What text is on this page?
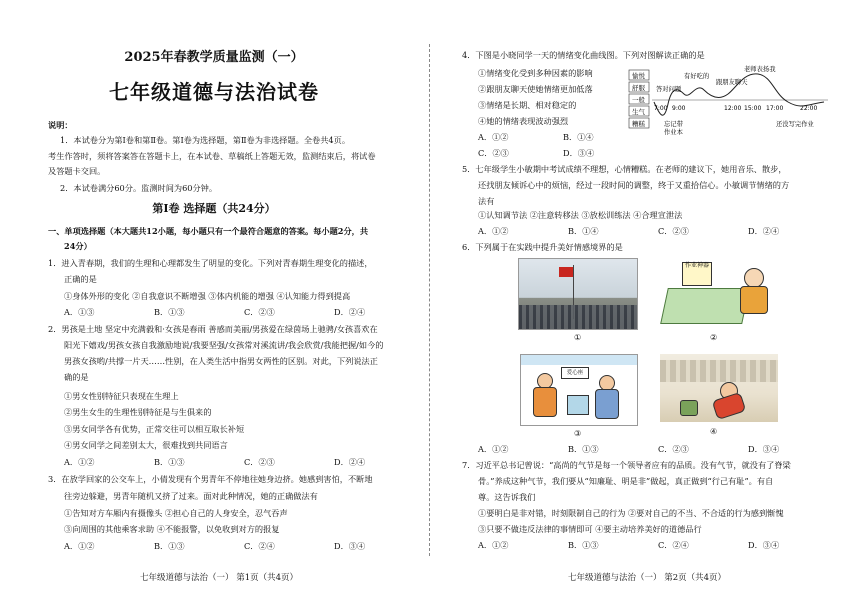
2025年春教学质量监测（一）
七年级道德与法治试卷
说明：
1．本试卷分为第Ⅰ卷和第Ⅱ卷。第Ⅰ卷为选择题，第Ⅱ卷为非选择题。全卷共4页。
考生作答时，须将答案答在答题卡上，在本试卷、草稿纸上答题无效，监测结束后，将试卷
及答题卡交回。
2．本试卷满分60分。监测时间为60分钟。
第Ⅰ卷 选择题（共24分）
一、单项选择题（本大题共12小题，每小题只有一个最符合题意的答案。每小题2分，共
24分）
1．进入青春期，我们的生理和心理都发生了明显的变化。下列对青春期生理变化的描述，
正确的是
①身体外形的变化 ②自我意识不断增强 ③体内机能的增强 ④认知能力得到提高
A．①③	B．①③	C．②③	D．②④
2．男孩是土地 坚定中充满毅和·女孩是春雨 善感而美丽/男孩爱在绿茵场上驰骋/女孩喜欢在
阳光下嬉戏/男孩女孩自我激励地说/我要坚强/女孩常对溪流讲/我会欣赏/我能把握/如今的
男孩女孩哟/共撑一片天……性别，在人类生活中指男女两性的区别。对此，下列说法正
确的是
①男女性别特征只表现在生理上
②男生女生的生理性别特征是与生俱来的
③男女同学各有优势，正常交往可以相互取长补短
④男女同学之间差别太大，很难找到共同语言
A．①②	B．①③	C．②③	D．②④
3．在放学回家的公交车上，小倩发现有个男青年不停地往她身边挤。她感到害怕，不断地
往旁边躲避，男青年随机又挤了过来。面对此种情况，她的正确做法有
①告知对方车厢内有摄像头 ②担心自己的人身安全，忍气吞声
③向周围的其他乘客求助 ④不能报警，以免收到对方的报复
A．①②	B．①③	C．②④	D．③④
七年级道德与法治（一） 第1页（共4页）
4．下图是小晓同学一天的情绪变化曲线图。下列对图解读正确的是
①情绪变化受到多种因素的影响
②跟朋友聊天使她情绪更加低落
③情绪是长期、相对稳定的
④她的情绪表现波动强烈
A．①②	B．①④
C．②③	D．③④
愉悦
舒服
一般
生气
糟糕
7:00 9:00	12:00 15:00 17:00	22:00
答对问题
有好吃的
跟朋友聊天
老师表扬我
忘记带
作业本
还没写完作业
5．七年级学生小敏期中考试成绩不理想，心情糟糕。在老师的建议下，她用音乐、散步，
还找朋友倾诉心中的烦恼，经过一段时间的调整，终于又重拾信心。小敏调节情绪的方
法有
①认知调节法 ②注意转移法 ③放松训练法 ④合理宣泄法
A．①②	B．①④	C．②③	D．②④
6．下列属于在实践中提升美好情感境界的是
①
作业神器
②
爱心座
③	④
A．①②	B．①③	C．②③	D．③④
7．习近平总书记曾说：“高尚的气节是每一个领导者应有的品质。没有气节，就没有了脊梁
骨。”养成这种气节，我们要从“知廉耻、明是非”做起，真正做到“行己有耻”。有自
尊。这告诉我们
①要明白是非对错，时刻限制自己的行为 ②要对自己的不当、不合适的行为感到惭愧
③只要不做违反法律的事情即可 ④要主动培养美好的道德品行
A．①②	B．①③	C．②④	D．③④
七年级道德与法治（一） 第2页（共4页）
